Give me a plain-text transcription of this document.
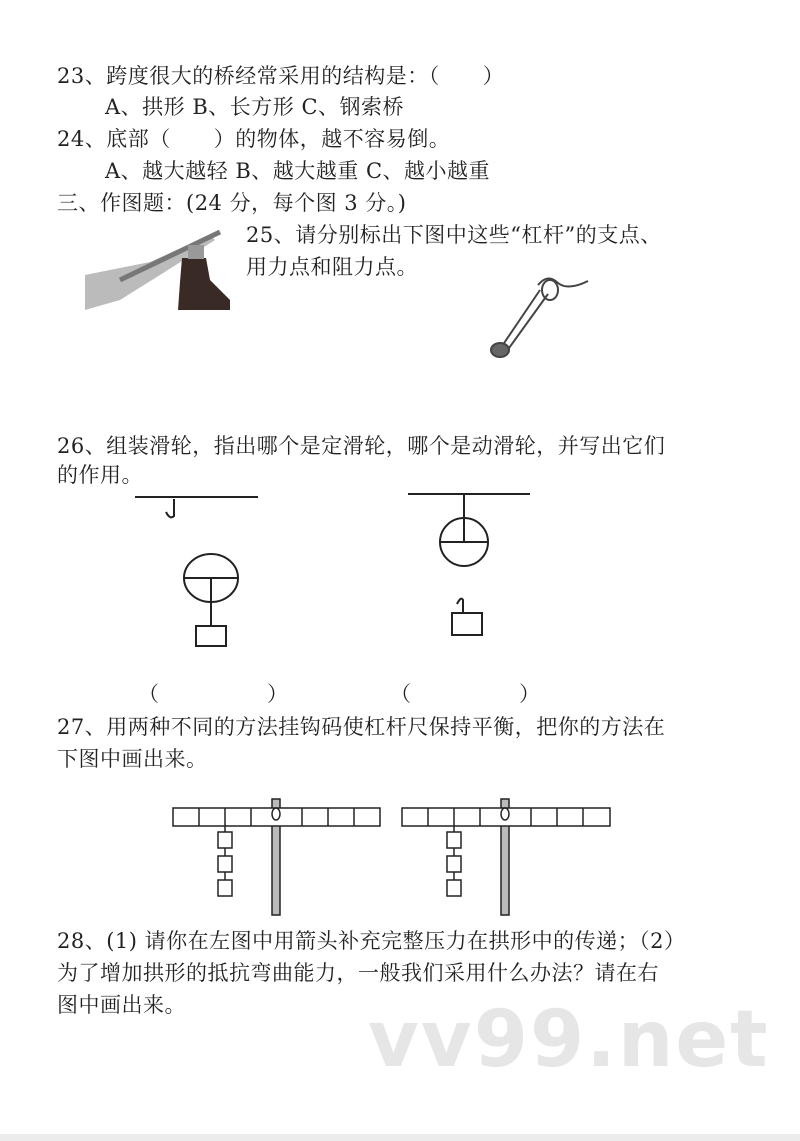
23、跨度很大的桥经常采用的结构是：（　　）
A、拱形 B、长方形 C、钢索桥
24、底部（　　）的物体，越不容易倒。
A、越大越轻 B、越大越重 C、越小越重
三、作图题：(24 分，每个图 3 分。)
25、请分别标出下图中这些“杠杆”的支点、
用力点和阻力点。
26、组装滑轮，指出哪个是定滑轮，哪个是动滑轮，并写出它们
的作用。
（　　　　　）	（　　　　　）
27、用两种不同的方法挂钩码使杠杆尺保持平衡，把你的方法在
下图中画出来。
28、(1) 请你在左图中用箭头补充完整压力在拱形中的传递；（2）
为了增加拱形的抵抗弯曲能力，一般我们采用什么办法？请在右
图中画出来。 vv99.net
